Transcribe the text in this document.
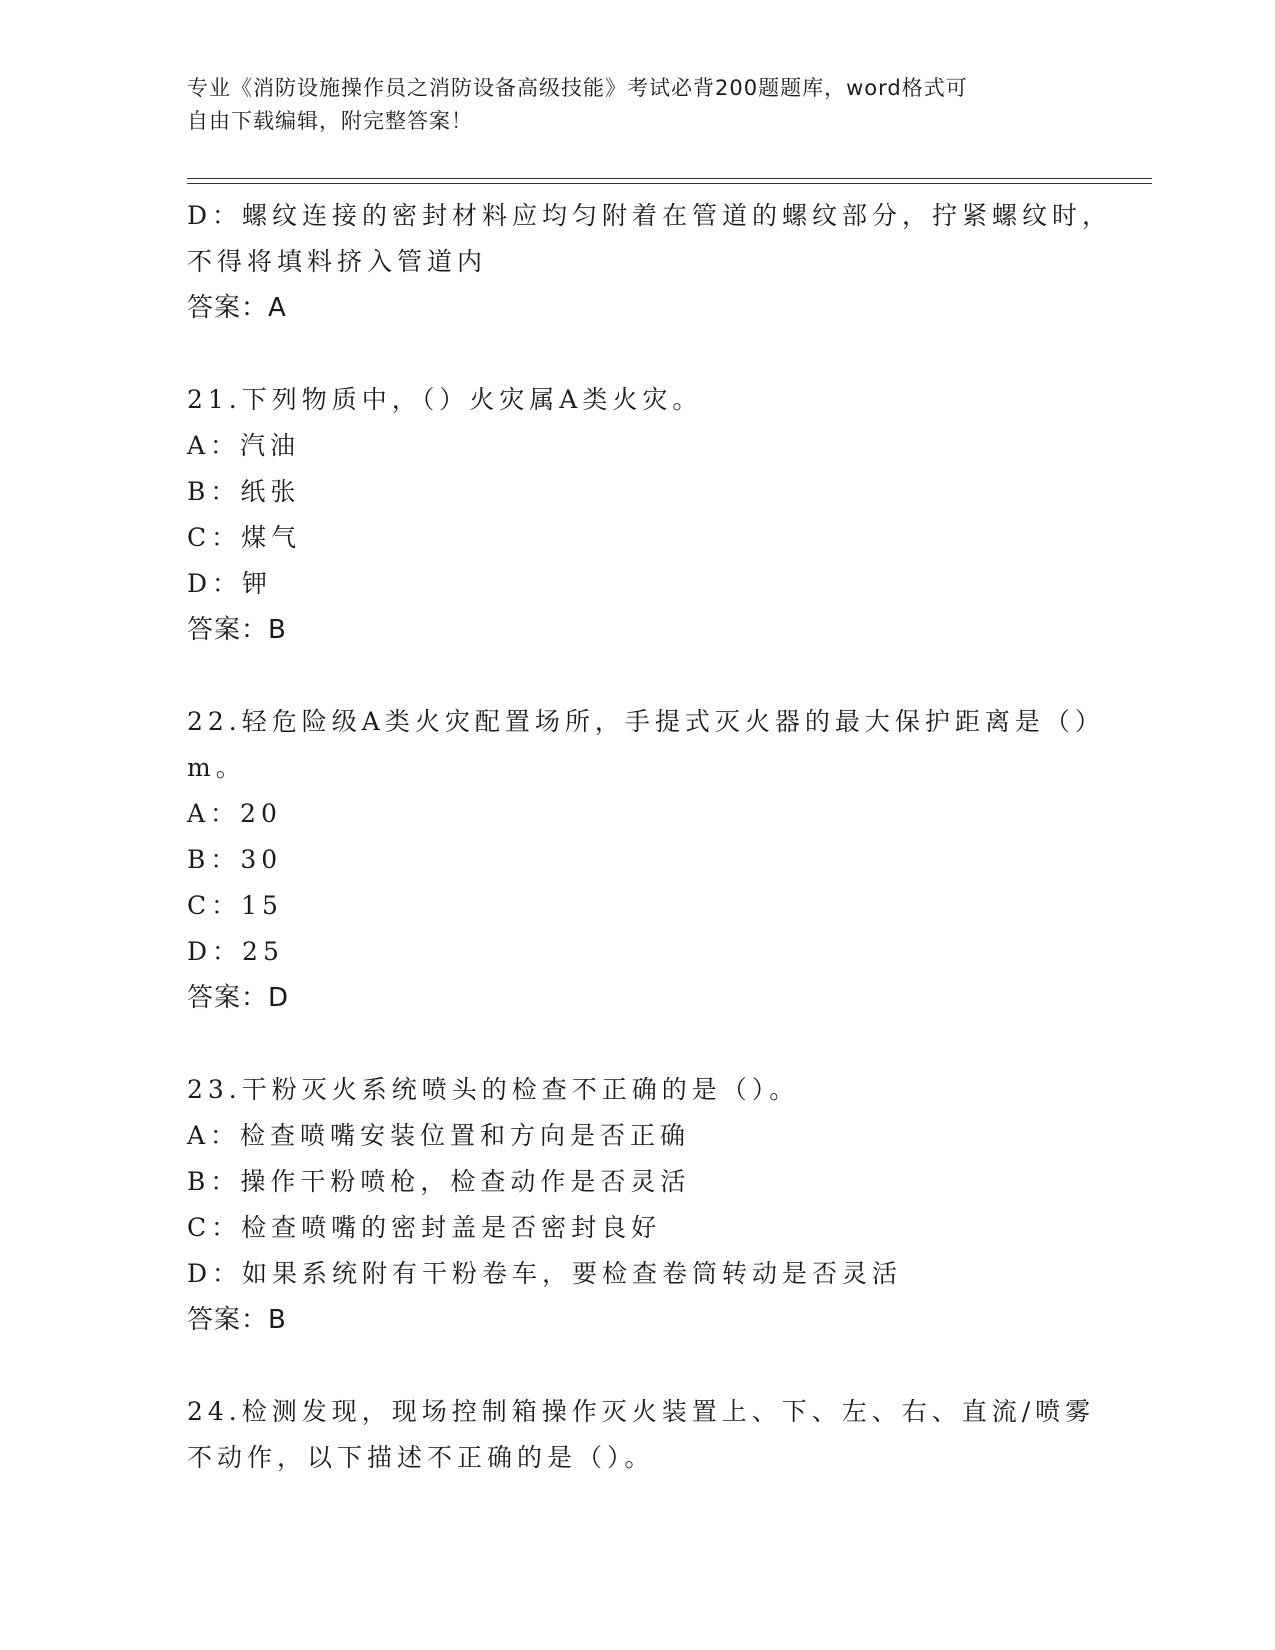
专业《消防设施操作员之消防设备高级技能》考试必背200题题库，word格式可
自由下载编辑，附完整答案！
D：螺纹连接的密封材料应均匀附着在管道的螺纹部分，拧紧螺纹时，
不得将填料挤入管道内
答案：A
21.下列物质中，（）火灾属A类火灾。
A：汽油
B：纸张
C：煤气
D：钾
答案：B
22.轻危险级A类火灾配置场所，手提式灭火器的最大保护距离是（）
m。
A：20
B：30
C：15
D：25
答案：D
23.干粉灭火系统喷头的检查不正确的是（）。
A：检查喷嘴安装位置和方向是否正确
B：操作干粉喷枪，检查动作是否灵活
C：检查喷嘴的密封盖是否密封良好
D：如果系统附有干粉卷车，要检查卷筒转动是否灵活
答案：B
24.检测发现，现场控制箱操作灭火装置上、下、左、右、直流/喷雾
不动作，以下描述不正确的是（）。
